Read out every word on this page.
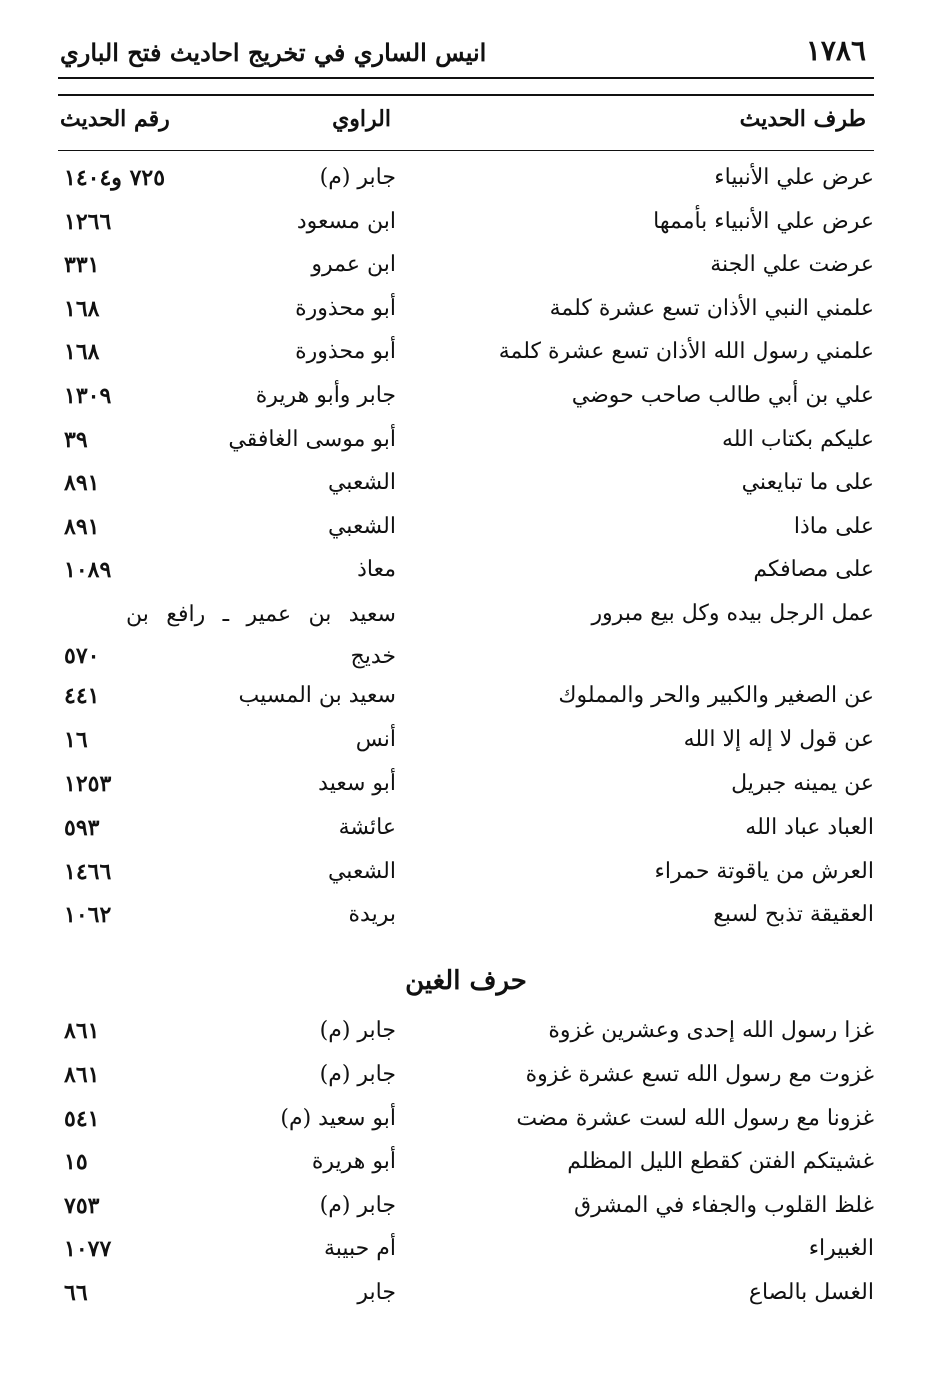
١٧٨٦
انيس الساري في تخريج احاديث فتح الباري
طرف الحديث
الراوي
رقم الحديث
عرض علي الأنبياء
جابر (م)
٧٢٥ و١٤٠٤
عرض علي الأنبياء بأممها
ابن مسعود
١٢٦٦
عرضت علي الجنة
ابن عمرو
٣٣١
علمني النبي الأذان تسع عشرة كلمة
أبو محذورة
١٦٨
علمني رسول الله الأذان تسع عشرة كلمة
أبو محذورة
١٦٨
علي بن أبي طالب صاحب حوضي
جابر وأبو هريرة
١٣٠٩
عليكم بكتاب الله
أبو موسى الغافقي
٣٩
على ما تبايعني
الشعبي
٨٩١
على ماذا
الشعبي
٨٩١
على مصافكم
معاذ
١٠٨٩
عمل الرجل بيده وكل بيع مبرور
سعيد بن عمير ـ رافع بن خديج
٥٧٠
عن الصغير والكبير والحر والمملوك
سعيد بن المسيب
٤٤١
عن قول لا إله إلا الله
أنس
١٦
عن يمينه جبريل
أبو سعيد
١٢٥٣
العباد عباد الله
عائشة
٥٩٣
العرش من ياقوتة حمراء
الشعبي
١٤٦٦
العقيقة تذبح لسبع
بريدة
١٠٦٢
حرف الغين
غزا رسول الله إحدى وعشرين غزوة
جابر (م)
٨٦١
غزوت مع رسول الله تسع عشرة غزوة
جابر (م)
٨٦١
غزونا مع رسول الله لست عشرة مضت
أبو سعيد (م)
٥٤١
غشيتكم الفتن كقطع الليل المظلم
أبو هريرة
١٥
غلظ القلوب والجفاء في المشرق
جابر (م)
٧٥٣
الغبيراء
أم حبيبة
١٠٧٧
الغسل بالصاع
جابر
٦٦
